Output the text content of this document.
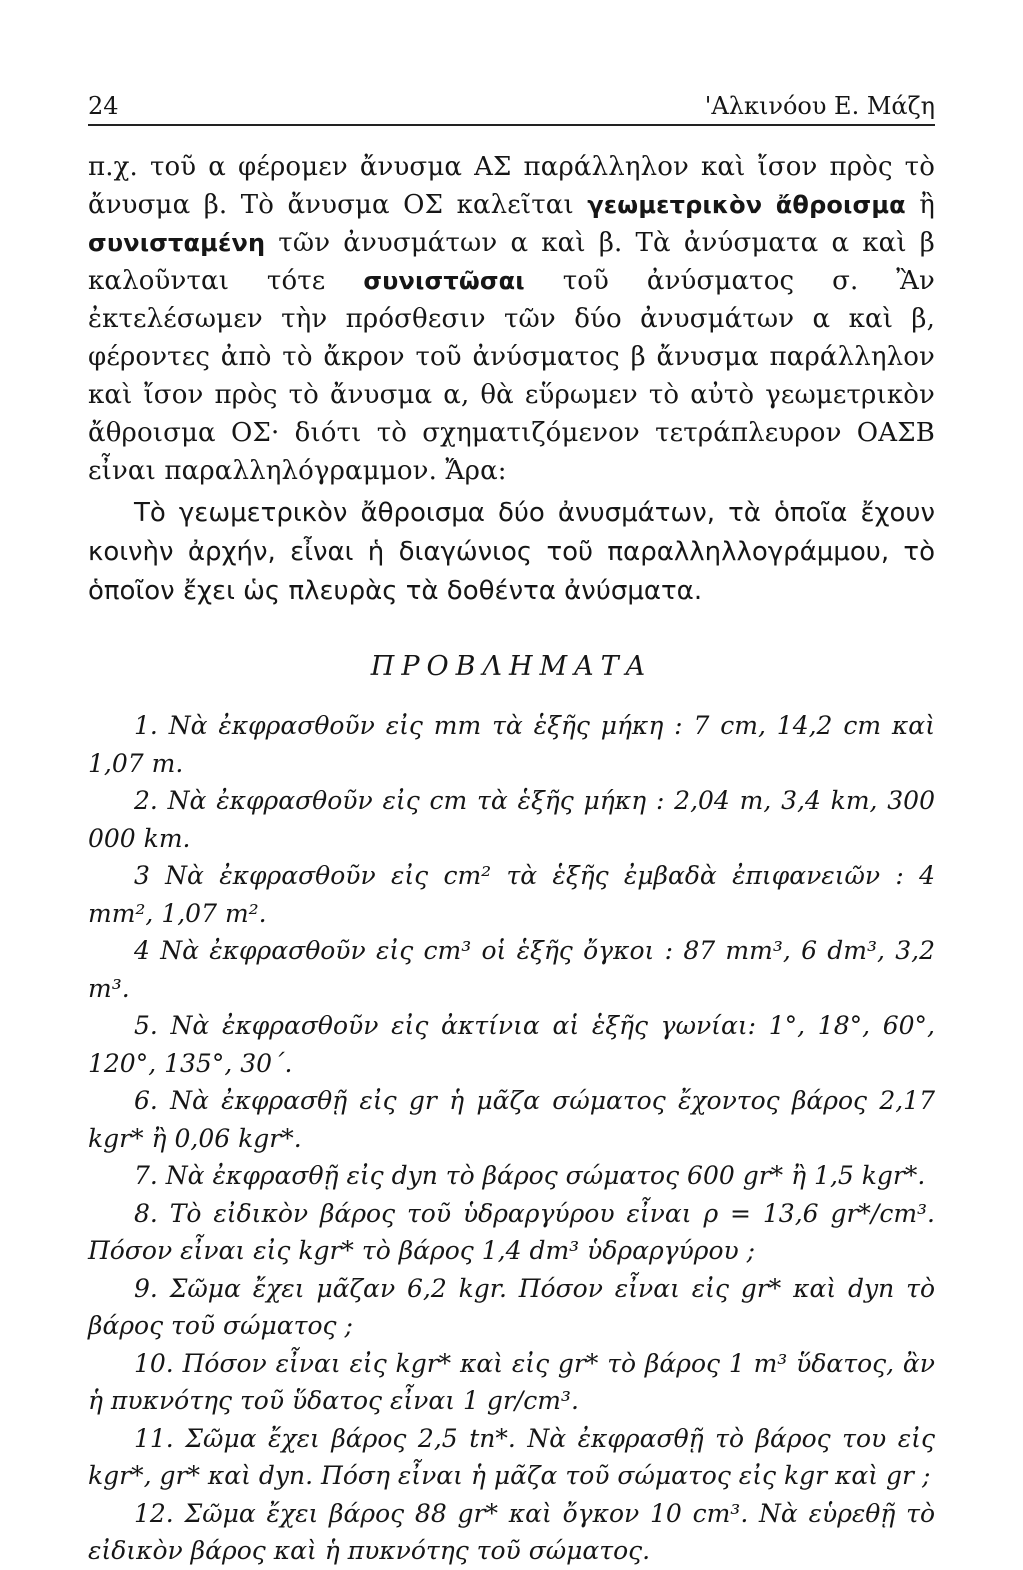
24	'Αλκινόου Ε. Μάζη

π.χ. τοῦ α φέρομεν ἄνυσμα ΑΣ παράλληλον καὶ ἴσον πρὸς τὸ ἄνυσμα β. Τὸ ἄνυσμα ΟΣ καλεῖται γεωμετρικὸν ἄθροισμα ἢ συνισταμένη τῶν ἀνυσμάτων α καὶ β. Τὰ ἀνύσματα α καὶ β καλοῦνται τότε συνιστῶσαι τοῦ ἀνύσματος σ. Ἂν ἐκτελέσωμεν τὴν πρόσθεσιν τῶν δύο ἀνυσμάτων α καὶ β, φέροντες ἀπὸ τὸ ἄκρον τοῦ ἀνύσματος β ἄνυσμα παράλληλον καὶ ἴσον πρὸς τὸ ἄνυσμα α, θὰ εὕρωμεν τὸ αὐτὸ γεωμετρικὸν ἄθροισμα ΟΣ· διότι τὸ σχηματιζόμενον τετράπλευρον ΟΑΣΒ εἶναι παραλληλόγραμμον. Ἄρα:

Τὸ γεωμετρικὸν ἄθροισμα δύο ἀνυσμάτων, τὰ ὁποῖα ἔχουν κοινὴν ἀρχήν, εἶναι ἡ διαγώνιος τοῦ παραλληλλογράμμου, τὸ ὁποῖον ἔχει ὡς πλευρὰς τὰ δοθέντα ἀνύσματα.

ΠΡΟΒΛΗΜΑΤΑ

1. Νὰ ἐκφρασθοῦν εἰς mm τὰ ἑξῆς μήκη : 7 cm, 14,2 cm καὶ 1,07 m.

2. Νὰ ἐκφρασθοῦν εἰς cm τὰ ἑξῆς μήκη : 2,04 m, 3,4 km, 300 000 km.

3 Νὰ ἐκφρασθοῦν εἰς cm² τὰ ἑξῆς ἐμβαδὰ ἐπιφανειῶν : 4 mm², 1,07 m².

4 Νὰ ἐκφρασθοῦν εἰς cm³ οἱ ἑξῆς ὄγκοι : 87 mm³, 6 dm³, 3,2 m³.

5. Νὰ ἐκφρασθοῦν εἰς ἀκτίνια αἱ ἑξῆς γωνίαι: 1°, 18°, 60°, 120°, 135°, 30΄.

6. Νὰ ἐκφρασθῇ εἰς gr ἡ μᾶζα σώματος ἔχοντος βάρος 2,17 kgr* ἢ 0,06 kgr*.

7. Νὰ ἐκφρασθῇ εἰς dyn τὸ βάρος σώματος 600 gr* ἢ 1,5 kgr*.

8. Τὸ εἰδικὸν βάρος τοῦ ὑδραργύρου εἶναι ρ = 13,6 gr*/cm³. Πόσον εἶναι εἰς kgr* τὸ βάρος 1,4 dm³ ὑδραργύρου ;

9. Σῶμα ἔχει μᾶζαν 6,2 kgr. Πόσον εἶναι εἰς gr* καὶ dyn τὸ βάρος τοῦ σώματος ;

10. Πόσον εἶναι εἰς kgr* καὶ εἰς gr* τὸ βάρος 1 m³ ὕδατος, ἂν ἡ πυκνότης τοῦ ὕδατος εἶναι 1 gr/cm³.

11. Σῶμα ἔχει βάρος 2,5 tn*. Νὰ ἐκφρασθῇ τὸ βάρος του εἰς kgr*, gr* καὶ dyn. Πόση εἶναι ἡ μᾶζα τοῦ σώματος εἰς kgr καὶ gr ;

12. Σῶμα ἔχει βάρος 88 gr* καὶ ὄγκον 10 cm³. Νὰ εὑρεθῇ τὸ εἰδικὸν βάρος καὶ ἡ πυκνότης τοῦ σώματος.
